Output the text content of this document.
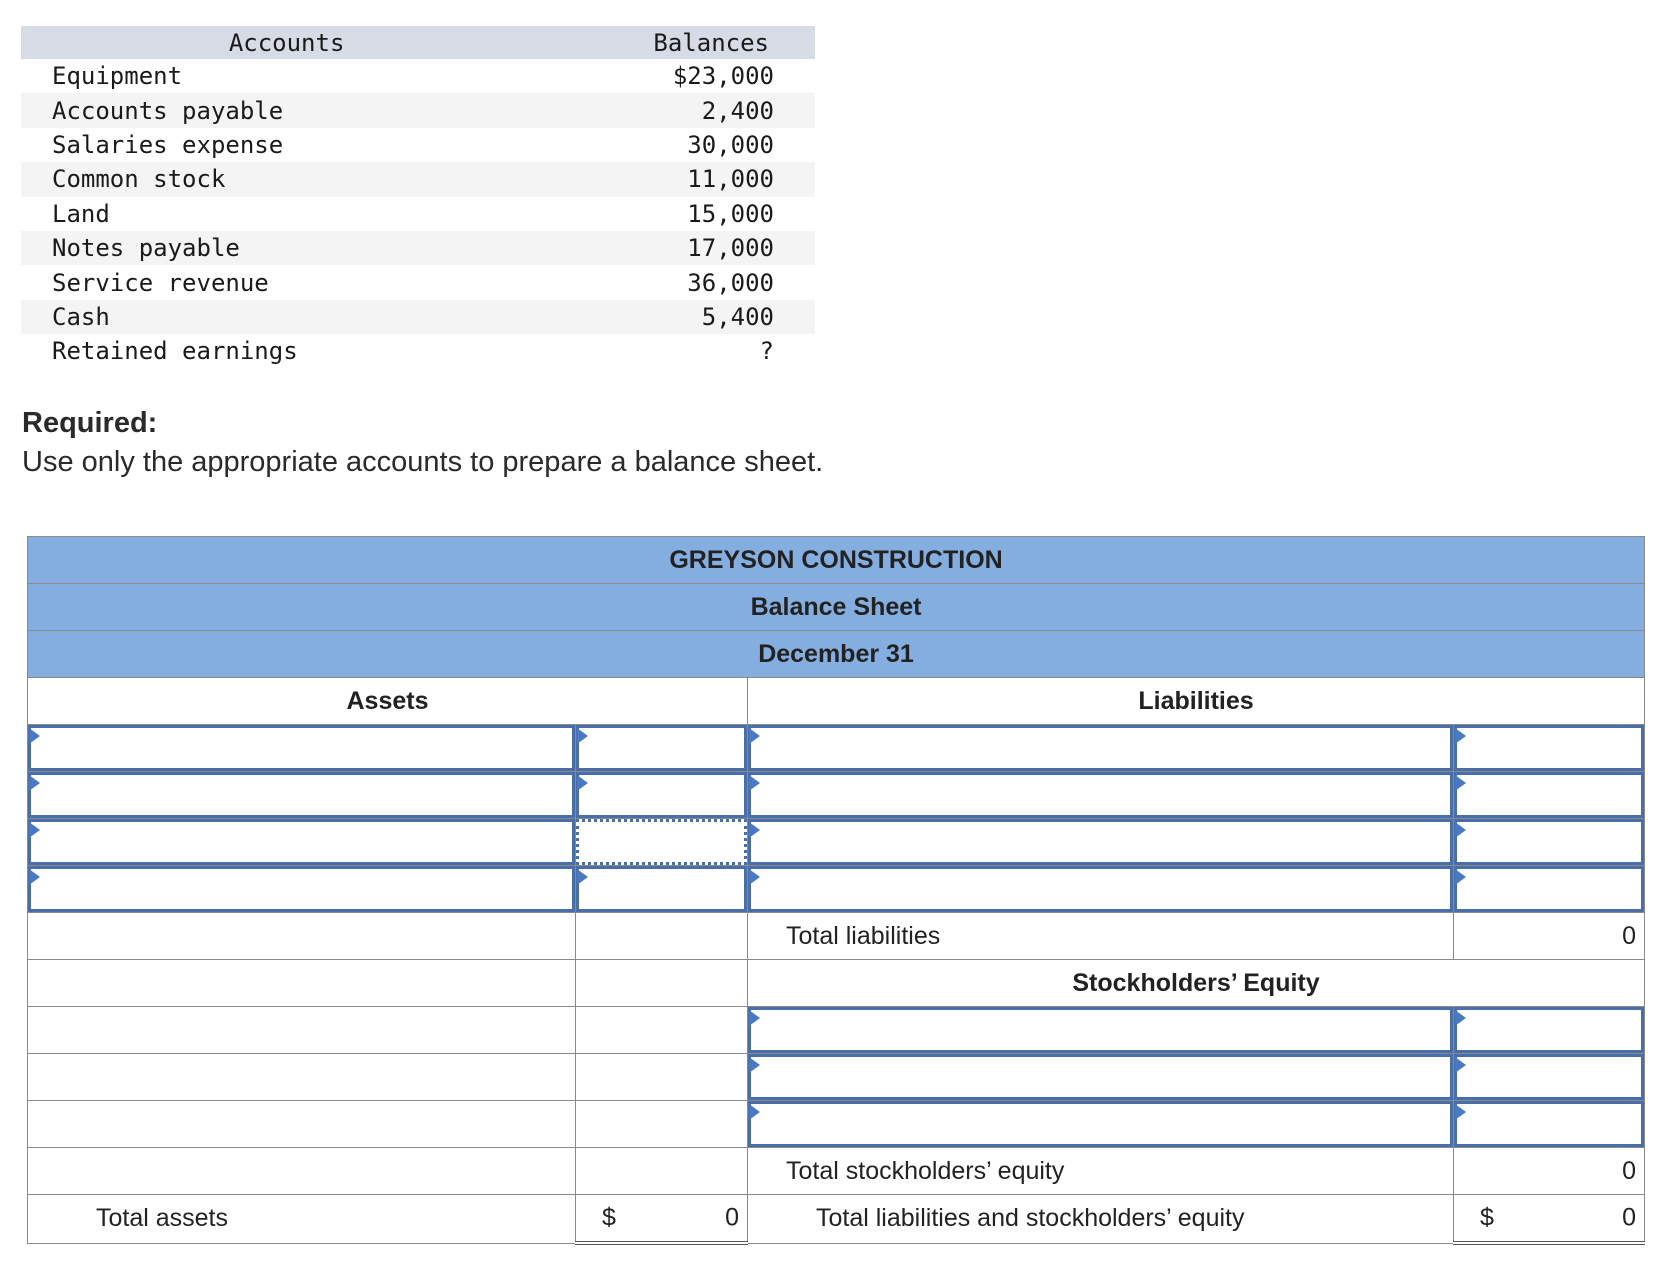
Accounts	Balances
Equipment	$23,000
Accounts payable	2,400
Salaries expense	30,000
Common stock	11,000
Land	15,000
Notes payable	17,000
Service revenue	36,000
Cash	5,400
Retained earnings	?
Required:
Use only the appropriate accounts to prepare a balance sheet.
GREYSON CONSTRUCTION			
Balance Sheet			
December 31			
Assets		Liabilities	

		Total liabilities	0
		Stockholders’ Equity	

		Total stockholders’ equity	0
Total assets	$ 0	Total liabilities and stockholders’ equity	$ 0
